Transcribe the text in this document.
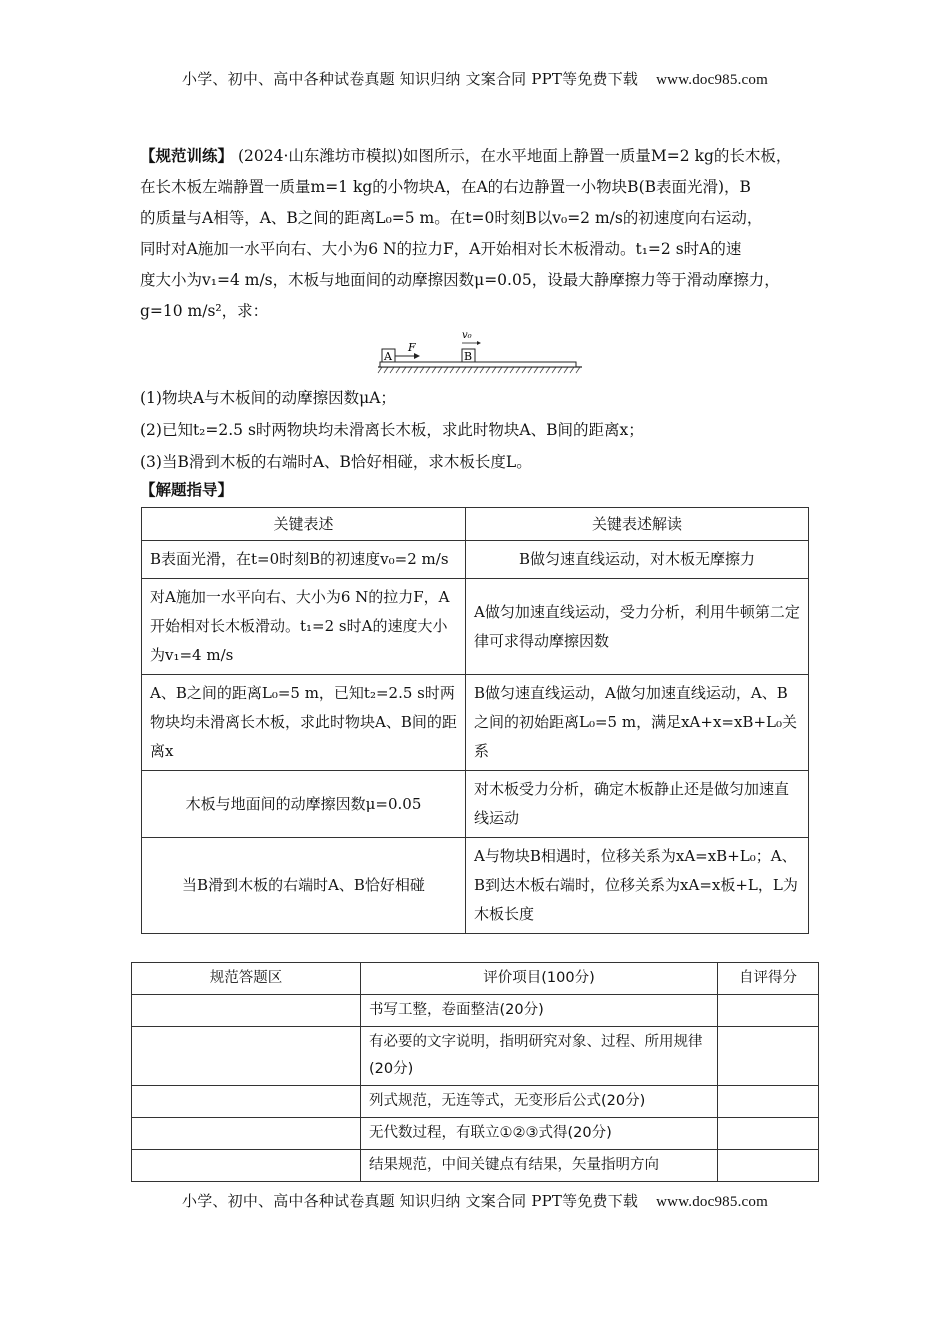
小学、初中、高中各种试卷真题 知识归纳 文案合同 PPT等免费下载 www.doc985.com
【规范训练】 (2024·山东潍坊市模拟)如图所示，在水平地面上静置一质量M=2 kg的长木板，
在长木板左端静置一质量m=1 kg的小物块A，在A的右边静置一小物块B(B表面光滑)，B
的质量与A相等，A、B之间的距离L₀=5 m。在t=0时刻B以v₀=2 m/s的初速度向右运动，
同时对A施加一水平向右、大小为6 N的拉力F，A开始相对长木板滑动。t₁=2 s时A的速
度大小为v₁=4 m/s，木板与地面间的动摩擦因数μ=0.05，设最大静摩擦力等于滑动摩擦力，
g=10 m/s²，求：
A
F
B
v₀
(1)物块A与木板间的动摩擦因数μA；
(2)已知t₂=2.5 s时两物块均未滑离长木板，求此时物块A、B间的距离x；
(3)当B滑到木板的右端时A、B恰好相碰，求木板长度L。
【解题指导】
关键表述	关键表述解读
B表面光滑，在t=0时刻B的初速度v₀=2 m/s	B做匀速直线运动，对木板无摩擦力
对A施加一水平向右、大小为6 N的拉力F，A开始相对长木板滑动。t₁=2 s时A的速度大小为v₁=4 m/s	A做匀加速直线运动，受力分析，利用牛顿第二定律可求得动摩擦因数
A、B之间的距离L₀=5 m，已知t₂=2.5 s时两物块均未滑离长木板，求此时物块A、B间的距离x	B做匀速直线运动，A做匀加速直线运动，A、B之间的初始距离L₀=5 m，满足xA+x=xB+L₀关系
木板与地面间的动摩擦因数μ=0.05	对木板受力分析，确定木板静止还是做匀加速直线运动
当B滑到木板的右端时A、B恰好相碰	A与物块B相遇时，位移关系为xA=xB+L₀；A、B到达木板右端时，位移关系为xA=x板+L，L为木板长度
规范答题区	评价项目(100分)	自评得分
	书写工整，卷面整洁(20分)	
	有必要的文字说明，指明研究对象、过程、所用规律(20分)	
	列式规范，无连等式，无变形后公式(20分)	
	无代数过程，有联立①②③式得(20分)	
	结果规范，中间关键点有结果，矢量指明方向	
小学、初中、高中各种试卷真题 知识归纳 文案合同 PPT等免费下载 www.doc985.com
